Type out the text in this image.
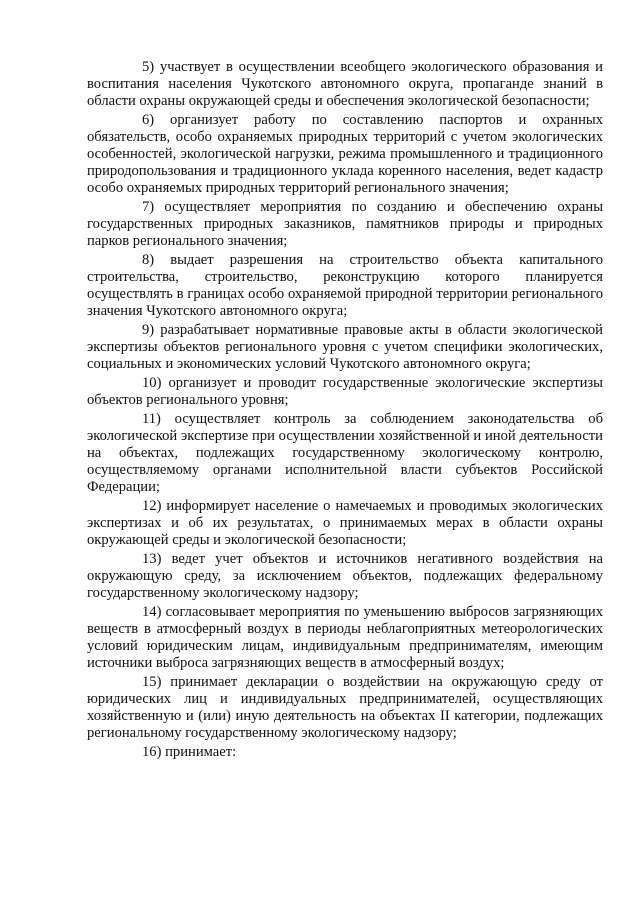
5) участвует в осуществлении всеобщего экологического образования и воспитания населения Чукотского автономного округа, пропаганде знаний в области охраны окружающей среды и обеспечения экологической безопасности;

6) организует работу по составлению паспортов и охранных обязательств, особо охраняемых природных территорий с учетом экологических особенностей, экологической нагрузки, режима промышленного и традиционного природопользования и традиционного уклада коренного населения, ведет кадастр особо охраняемых природных территорий регионального значения;

7) осуществляет мероприятия по созданию и обеспечению охраны государственных природных заказников, памятников природы и природных парков регионального значения;

8) выдает разрешения на строительство объекта капитального строительства, строительство, реконструкцию которого планируется осуществлять в границах особо охраняемой природной территории регионального значения Чукотского автономного округа;

9) разрабатывает нормативные правовые акты в области экологической экспертизы объектов регионального уровня с учетом специфики экологических, социальных и экономических условий Чукотского автономного округа;

10) организует и проводит государственные экологические экспертизы объектов регионального уровня;

11) осуществляет контроль за соблюдением законодательства об экологической экспертизе при осуществлении хозяйственной и иной деятельности на объектах, подлежащих государственному экологическому контролю, осуществляемому органами исполнительной власти субъектов Российской Федерации;

12) информирует население о намечаемых и проводимых экологических экспертизах и об их результатах, о принимаемых мерах в области охраны окружающей среды и экологической безопасности;

13) ведет учет объектов и источников негативного воздействия на окружающую среду, за исключением объектов, подлежащих федеральному государственному экологическому надзору;

14) согласовывает мероприятия по уменьшению выбросов загрязняющих веществ в атмосферный воздух в периоды неблагоприятных метеорологических условий юридическим лицам, индивидуальным предпринимателям, имеющим источники выброса загрязняющих веществ в атмосферный воздух;

15) принимает декларации о воздействии на окружающую среду от юридических лиц и индивидуальных предпринимателей, осуществляющих хозяйственную и (или) иную деятельность на объектах II категории, подлежащих региональному государственному экологическому надзору;

16) принимает:
